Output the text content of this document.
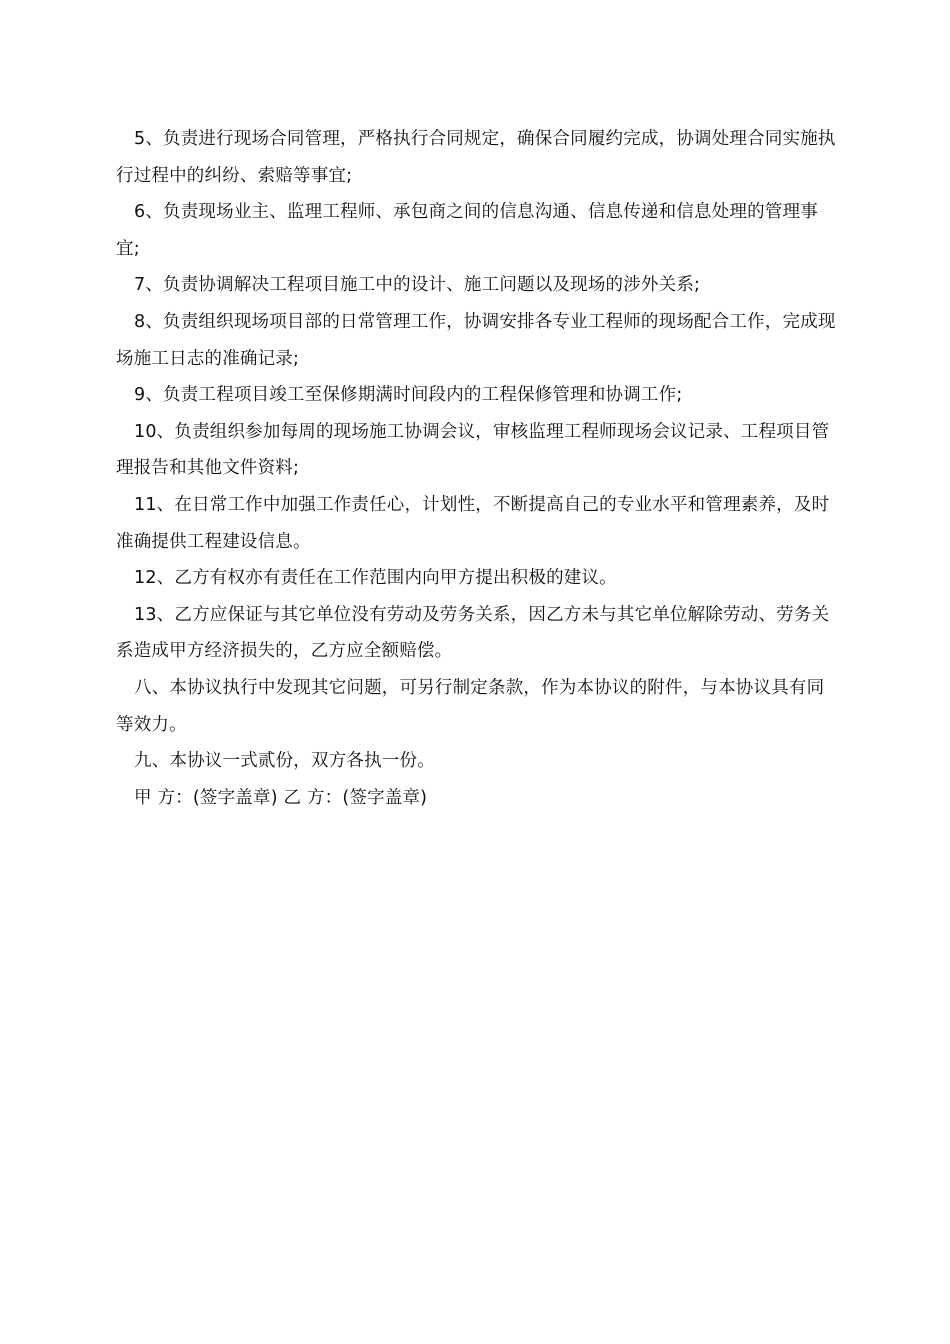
5、负责进行现场合同管理，严格执行合同规定，确保合同履约完成，协调处理合同实施执行过程中的纠纷、索赔等事宜;

6、负责现场业主、监理工程师、承包商之间的信息沟通、信息传递和信息处理的管理事宜;

7、负责协调解决工程项目施工中的设计、施工问题以及现场的涉外关系;

8、负责组织现场项目部的日常管理工作，协调安排各专业工程师的现场配合工作，完成现场施工日志的准确记录;

9、负责工程项目竣工至保修期满时间段内的工程保修管理和协调工作;

10、负责组织参加每周的现场施工协调会议，审核监理工程师现场会议记录、工程项目管理报告和其他文件资料;

11、在日常工作中加强工作责任心，计划性，不断提高自己的专业水平和管理素养，及时准确提供工程建设信息。

12、乙方有权亦有责任在工作范围内向甲方提出积极的建议。

13、乙方应保证与其它单位没有劳动及劳务关系，因乙方未与其它单位解除劳动、劳务关系造成甲方经济损失的，乙方应全额赔偿。

八、本协议执行中发现其它问题，可另行制定条款，作为本协议的附件，与本协议具有同等效力。

九、本协议一式贰份，双方各执一份。

甲 方：(签字盖章) 乙 方：(签字盖章)
